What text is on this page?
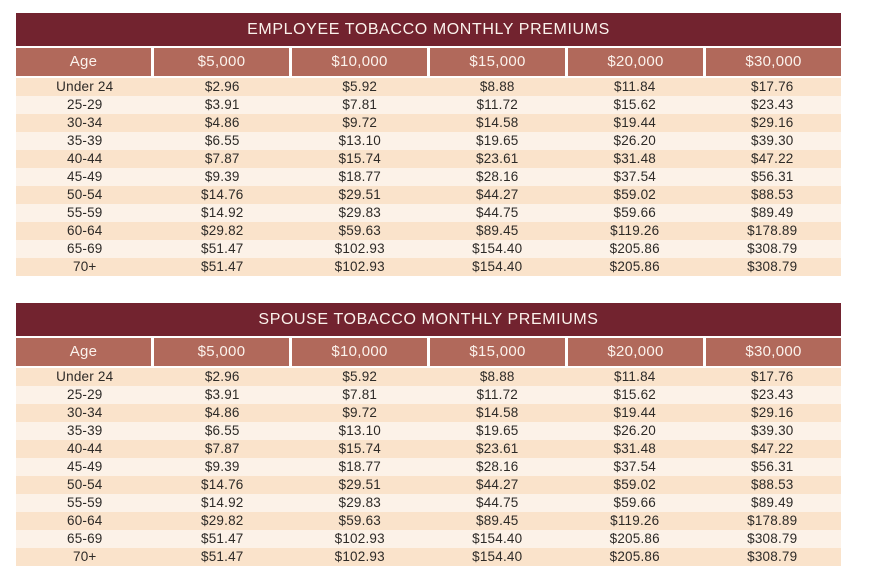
EMPLOYEE TOBACCO MONTHLY PREMIUMS
Age	$5,000	$10,000	$15,000	$20,000	$30,000
Under 24	$2.96	$5.92	$8.88	$11.84	$17.76
25-29	$3.91	$7.81	$11.72	$15.62	$23.43
30-34	$4.86	$9.72	$14.58	$19.44	$29.16
35-39	$6.55	$13.10	$19.65	$26.20	$39.30
40-44	$7.87	$15.74	$23.61	$31.48	$47.22
45-49	$9.39	$18.77	$28.16	$37.54	$56.31
50-54	$14.76	$29.51	$44.27	$59.02	$88.53
55-59	$14.92	$29.83	$44.75	$59.66	$89.49
60-64	$29.82	$59.63	$89.45	$119.26	$178.89
65-69	$51.47	$102.93	$154.40	$205.86	$308.79
70+	$51.47	$102.93	$154.40	$205.86	$308.79
SPOUSE TOBACCO MONTHLY PREMIUMS
Age	$5,000	$10,000	$15,000	$20,000	$30,000
Under 24	$2.96	$5.92	$8.88	$11.84	$17.76
25-29	$3.91	$7.81	$11.72	$15.62	$23.43
30-34	$4.86	$9.72	$14.58	$19.44	$29.16
35-39	$6.55	$13.10	$19.65	$26.20	$39.30
40-44	$7.87	$15.74	$23.61	$31.48	$47.22
45-49	$9.39	$18.77	$28.16	$37.54	$56.31
50-54	$14.76	$29.51	$44.27	$59.02	$88.53
55-59	$14.92	$29.83	$44.75	$59.66	$89.49
60-64	$29.82	$59.63	$89.45	$119.26	$178.89
65-69	$51.47	$102.93	$154.40	$205.86	$308.79
70+	$51.47	$102.93	$154.40	$205.86	$308.79
